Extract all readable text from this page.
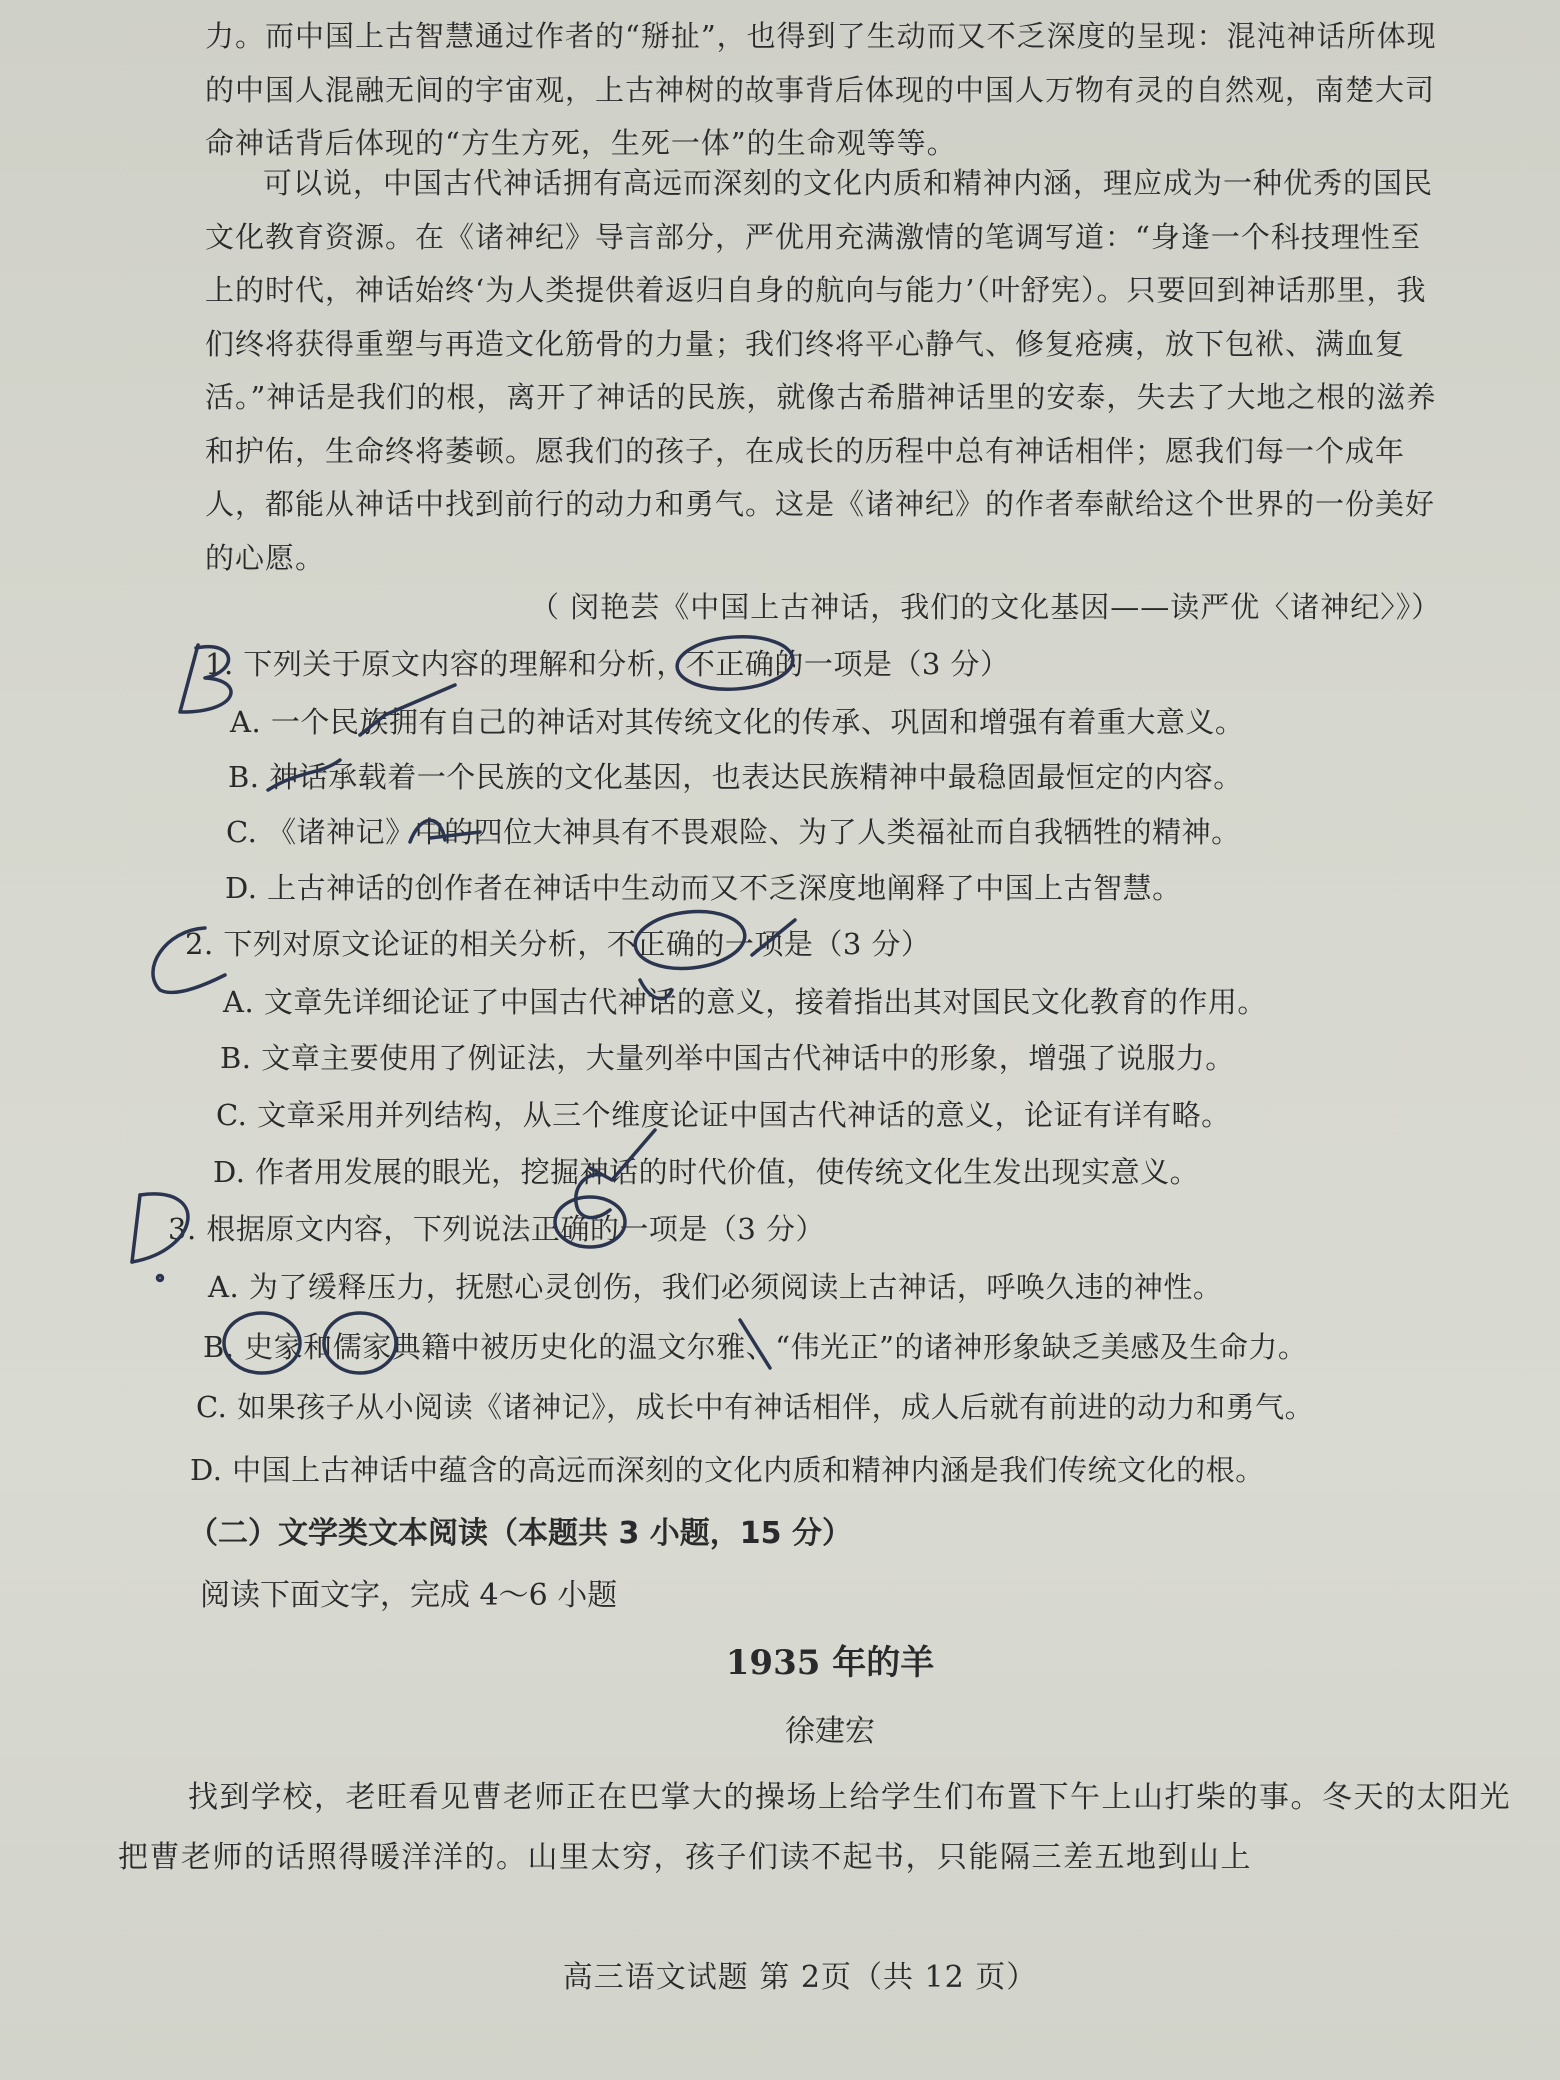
力。而中国上古智慧通过作者的“掰扯”，也得到了生动而又不乏深度的呈现：混沌神话所体现的中国人混融无间的宇宙观，上古神树的故事背后体现的中国人万物有灵的自然观，南楚大司命神话背后体现的“方生方死，生死一体”的生命观等等。

可以说，中国古代神话拥有高远而深刻的文化内质和精神内涵，理应成为一种优秀的国民文化教育资源。在《诸神纪》导言部分，严优用充满激情的笔调写道：“身逢一个科技理性至上的时代，神话始终‘为人类提供着返归自身的航向与能力’（叶舒宪）。只要回到神话那里，我们终将获得重塑与再造文化筋骨的力量；我们终将平心静气、修复疮痍，放下包袱、满血复活。”神话是我们的根，离开了神话的民族，就像古希腊神话里的安泰，失去了大地之根的滋养和护佑，生命终将萎顿。愿我们的孩子，在成长的历程中总有神话相伴；愿我们每一个成年人，都能从神话中找到前行的动力和勇气。这是《诸神纪》的作者奉献给这个世界的一份美好的心愿。

（ 闵艳芸《中国上古神话，我们的文化基因——读严优〈诸神纪〉》）
1. 下列关于原文内容的理解和分析，不正确的一项是（3 分）
A. 一个民族拥有自己的神话对其传统文化的传承、巩固和增强有着重大意义。
B. 神话承载着一个民族的文化基因，也表达民族精神中最稳固最恒定的内容。
C. 《诸神记》中的四位大神具有不畏艰险、为了人类福祉而自我牺牲的精神。
D. 上古神话的创作者在神话中生动而又不乏深度地阐释了中国上古智慧。
2. 下列对原文论证的相关分析，不正确的一项是（3 分）
A. 文章先详细论证了中国古代神话的意义，接着指出其对国民文化教育的作用。
B. 文章主要使用了例证法，大量列举中国古代神话中的形象，增强了说服力。
C. 文章采用并列结构，从三个维度论证中国古代神话的意义，论证有详有略。
D. 作者用发展的眼光，挖掘神话的时代价值，使传统文化生发出现实意义。
3. 根据原文内容，下列说法正确的一项是（3 分）
A. 为了缓释压力，抚慰心灵创伤，我们必须阅读上古神话，呼唤久违的神性。
B. 史家和儒家典籍中被历史化的温文尔雅、“伟光正”的诸神形象缺乏美感及生命力。
C. 如果孩子从小阅读《诸神记》，成长中有神话相伴，成人后就有前进的动力和勇气。
D. 中国上古神话中蕴含的高远而深刻的文化内质和精神内涵是我们传统文化的根。
（二）文学类文本阅读（本题共 3 小题，15 分）
阅读下面文字，完成 4～6 小题
1935 年的羊
徐建宏

找到学校，老旺看见曹老师正在巴掌大的操场上给学生们布置下午上山打柴的事。冬天的太阳光把曹老师的话照得暖洋洋的。山里太穷，孩子们读不起书，只能隔三差五地到山上

高三语文试题 第 2页（共 12 页）
